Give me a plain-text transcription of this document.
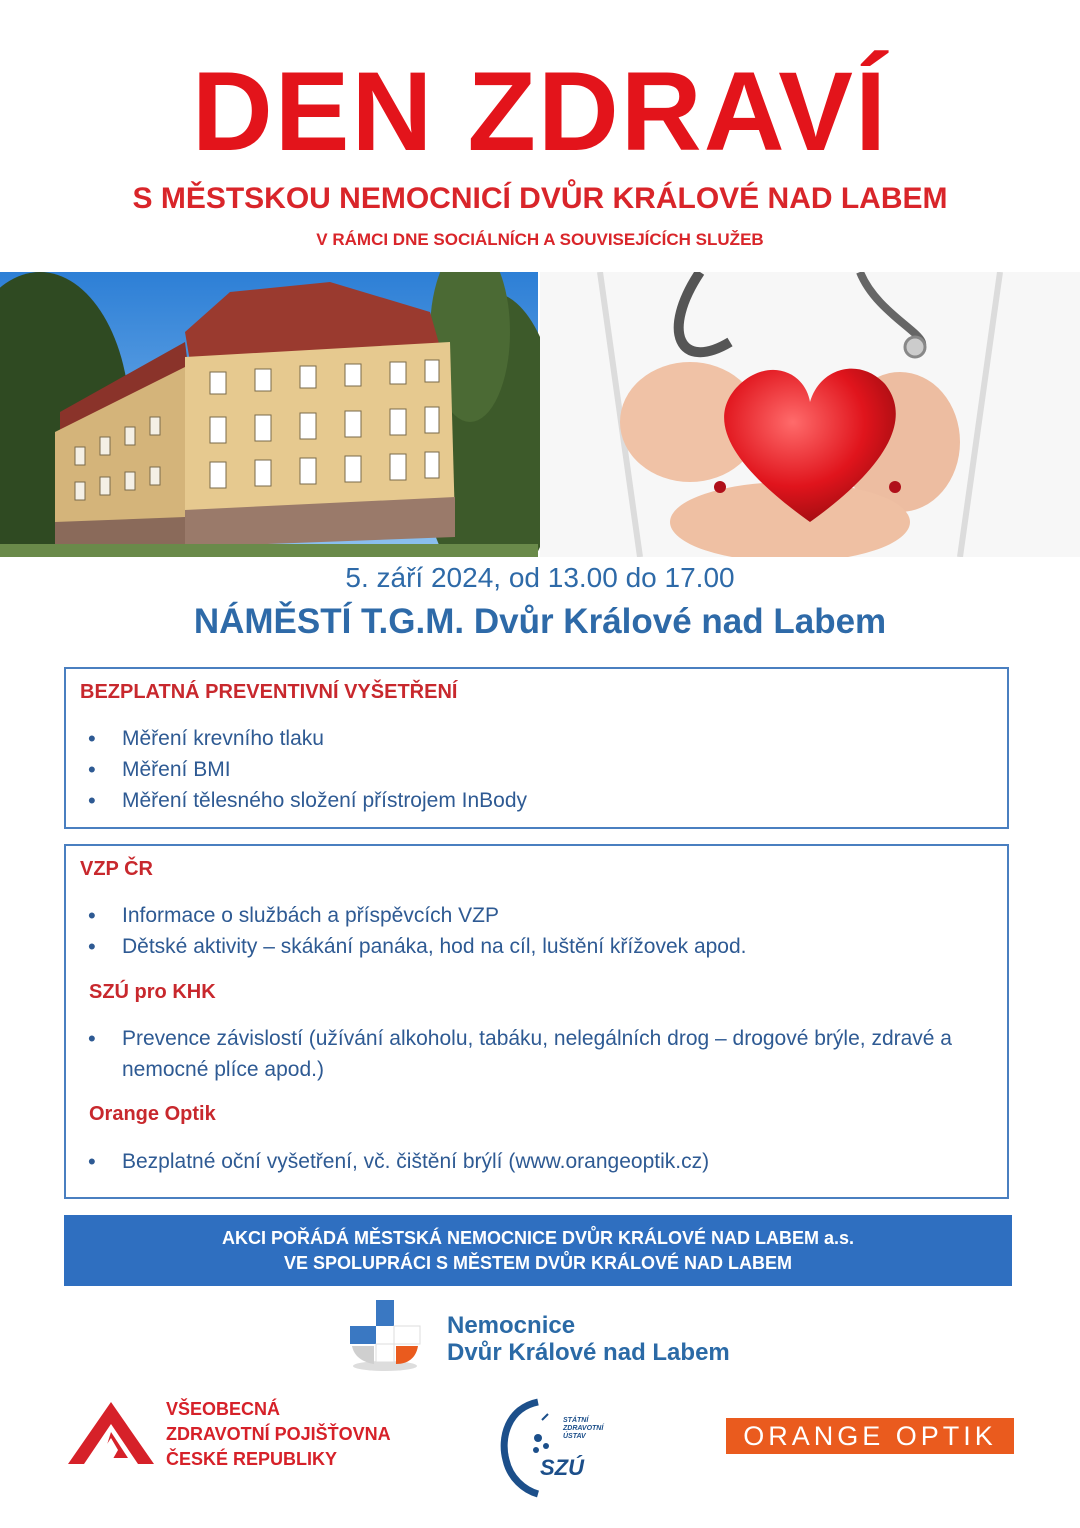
DEN ZDRAVÍ
S MĚSTSKOU NEMOCNICÍ DVŮR KRÁLOVÉ NAD LABEM
V RÁMCI DNE SOCIÁLNÍCH A SOUVISEJÍCÍCH SLUŽEB
5. září 2024, od 13.00 do 17.00
NÁMĚSTÍ T.G.M. Dvůr Králové nad Labem
BEZPLATNÁ PREVENTIVNÍ VYŠETŘENÍ
• Měření krevního tlaku
• Měření BMI
• Měření tělesného složení přístrojem InBody
VZP ČR
• Informace o službách a příspěvcích VZP
• Dětské aktivity – skákání panáka, hod na cíl, luštění křížovek apod.
SZÚ pro KHK
• Prevence závislostí (užívání alkoholu, tabáku, nelegálních drog – drogové brýle, zdravé a
nemocné plíce apod.)
Orange Optik
• Bezplatné oční vyšetření, vč. čištění brýlí (www.orangeoptik.cz)
AKCI POŘÁDÁ MĚSTSKÁ NEMOCNICE DVŮR KRÁLOVÉ NAD LABEM a.s.
VE SPOLUPRÁCI S MĚSTEM DVŮR KRÁLOVÉ NAD LABEM
Nemocnice
Dvůr Králové nad Labem
VŠEOBECNÁ
ZDRAVOTNÍ POJIŠŤOVNA
ČESKÉ REPUBLIKY
STÁTNÍ
ZDRAVOTNÍ
ÚSTAV
SZÚ
ORANGE OPTIK
